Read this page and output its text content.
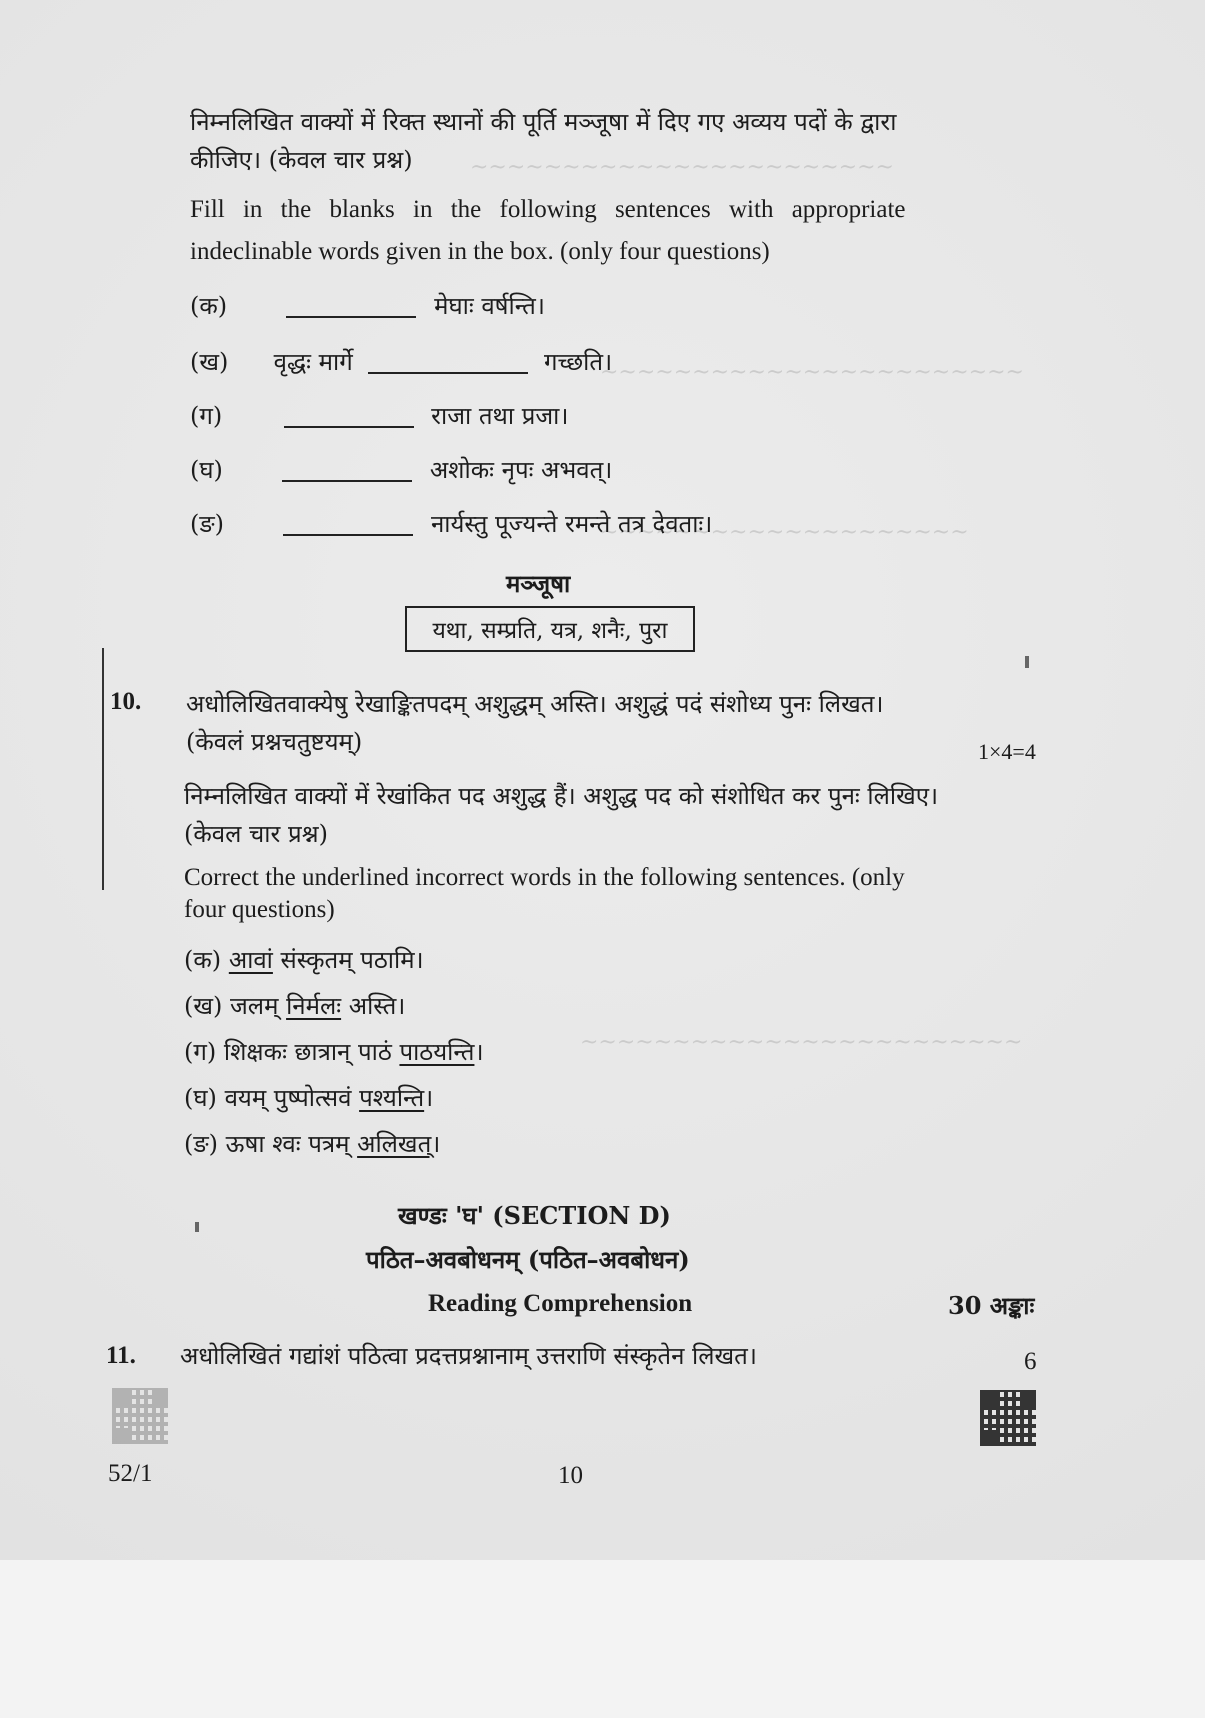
~~~~~~~~~~~~~~~~~~~~~~~
~~~~~~~~~~~~~~~~~~~~~~~
~~~~~~~~~~~~~~~~~~~~
~~~~~~~~~~~~~~~~~~~~~~~~
निम्नलिखित वाक्यों में रिक्त स्थानों की पूर्ति मञ्जूषा में दिए गए अव्यय पदों के द्वारा
कीजिए। (केवल चार प्रश्न)
Fill in the blanks in the following sentences with appropriate
indeclinable words given in the box. (only four questions)
(क)	मेघाः वर्षन्ति।
(ख) वृद्धः मार्गे	गच्छति।
(ग)	राजा तथा प्रजा।
(घ)	अशोकः नृपः अभवत्।
(ङ)	नार्यस्तु पूज्यन्ते रमन्ते तत्र देवताः।
मञ्जूषा
यथा, सम्प्रति, यत्र, शनैः, पुरा
10. अधोलिखितवाक्येषु रेखाङ्कितपदम् अशुद्धम् अस्ति। अशुद्धं पदं संशोध्य पुनः लिखत।
(केवलं प्रश्नचतुष्टयम्)	1×4=4
निम्नलिखित वाक्यों में रेखांकित पद अशुद्ध हैं। अशुद्ध पद को संशोधित कर पुनः लिखिए।
(केवल चार प्रश्न)
Correct the underlined incorrect words in the following sentences. (only
four questions)
(क) आवां संस्कृतम् पठामि।
(ख) जलम् निर्मलः अस्ति।
(ग) शिक्षकः छात्रान् पाठं पाठयन्ति।
(घ) वयम् पुष्पोत्सवं पश्यन्ति।
(ङ) ऊषा श्वः पत्रम् अलिखत्।
खण्डः 'घ' (SECTION D)
पठित–अवबोधनम् (पठित–अवबोधन)
Reading Comprehension	30 अङ्काः
11. अधोलिखितं गद्यांशं पठित्वा प्रदत्तप्रश्नानाम् उत्तराणि संस्कृतेन लिखत।	6
52/1	10
